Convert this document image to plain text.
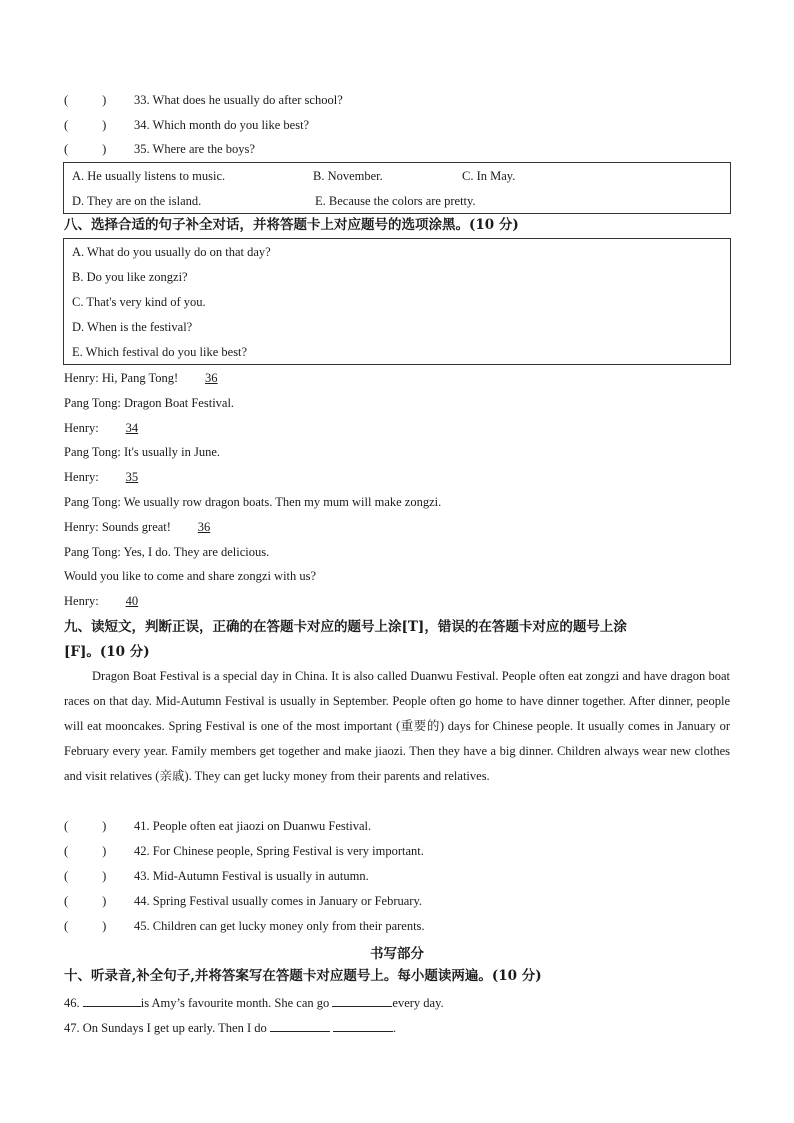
(	) 33. What does he usually do after school?
(	) 34. Which month do you like best?
(	) 35. Where are the boys?
A. He usually listens to music.	B. November.	C. In May.
D. They are on the island.	E. Because the colors are pretty.
八、选择合适的句子补全对话，并将答题卡上对应题号的选项涂黑。(10 分)
A. What do you usually do on that day?
B. Do you like zongzi?
C. That's very kind of you.
D. When is the festival?
E. Which festival do you like best?
Henry: Hi, Pang Tong! 36
Pang Tong: Dragon Boat Festival.
Henry: 34
Pang Tong: It's usually in June.
Henry: 35
Pang Tong: We usually row dragon boats. Then my mum will make zongzi.
Henry: Sounds great! 36
Pang Tong: Yes, I do. They are delicious.
Would you like to come and share zongzi with us?
Henry: 40
九、读短文，判断正误，正确的在答题卡对应的题号上涂[T]，错误的在答题卡对应的题号上涂
[F]。(10 分)
Dragon Boat Festival is a special day in China. It is also called Duanwu Festival. People often eat zongzi and have dragon boat races on that day. Mid-Autumn Festival is usually in September. People often go home to have dinner together. After dinner, people will eat mooncakes. Spring Festival is one of the most important (重要的) days for Chinese people. It usually comes in January or February every year. Family members get together and make jiaozi. Then they have a big dinner. Children always wear new clothes and visit relatives (亲戚). They can get lucky money from their parents and relatives.
(	) 41. People often eat jiaozi on Duanwu Festival.
(	) 42. For Chinese people, Spring Festival is very important.
(	) 43. Mid-Autumn Festival is usually in autumn.
(	) 44. Spring Festival usually comes in January or February.
(	) 45. Children can get lucky money only from their parents.
书写部分
十、听录音,补全句子,并将答案写在答题卡对应题号上。每小题读两遍。(10 分)
46.	is Amy’s favourite month. She can go	every day.
47. On Sundays I get up early. Then I do	.
